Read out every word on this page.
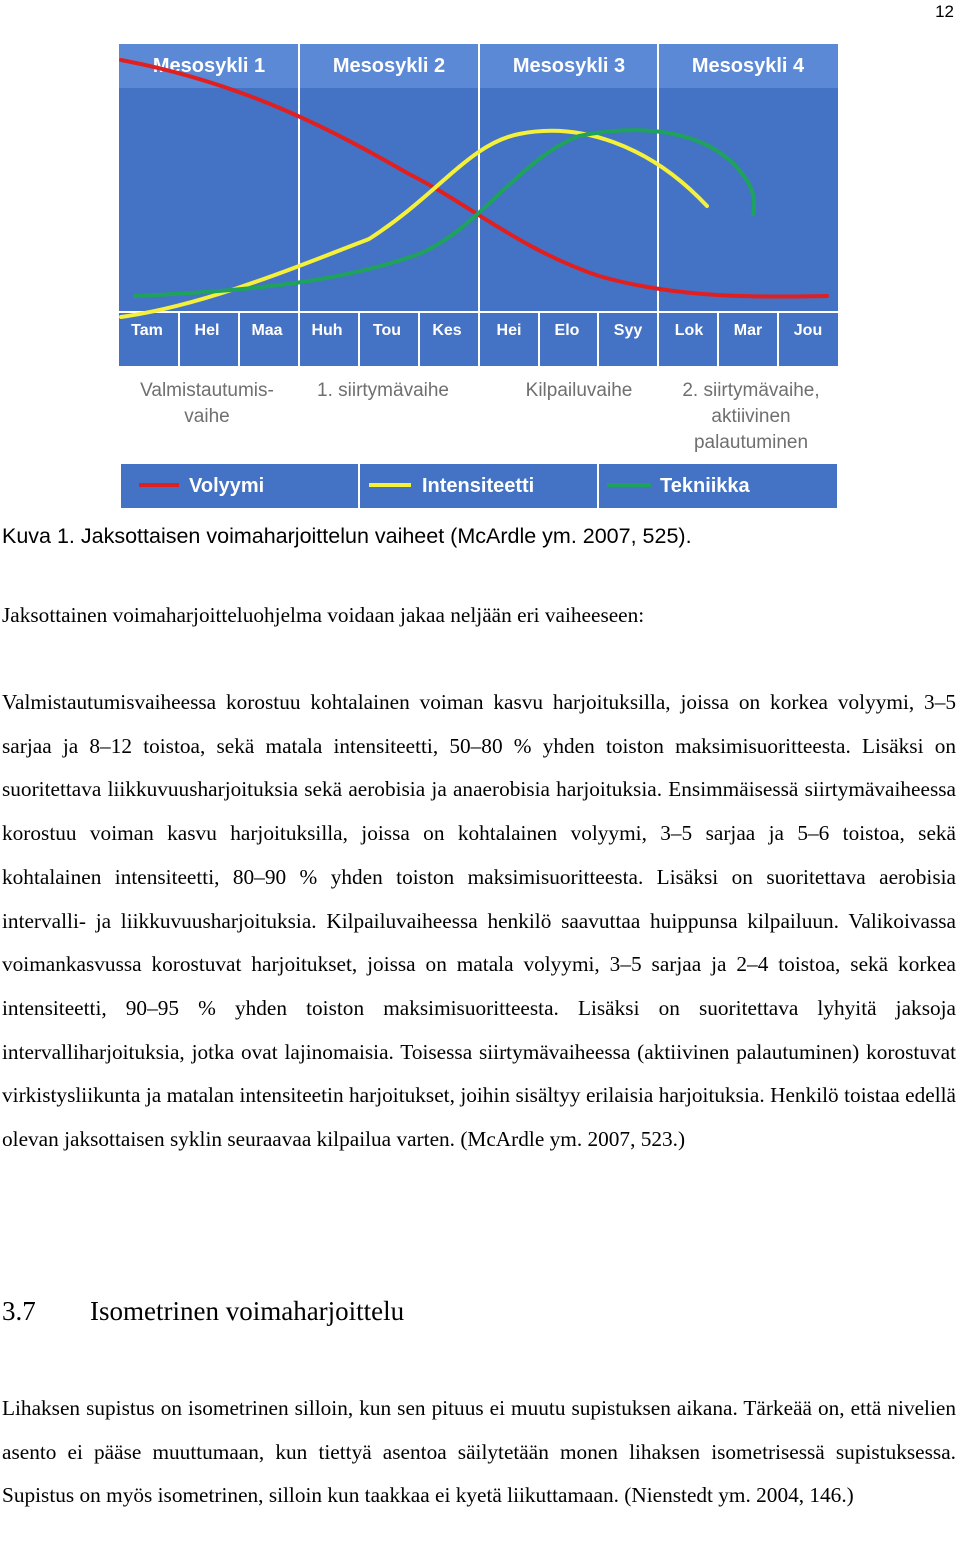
12
Mesosykli 1	Mesosykli 2	Mesosykli 3	Mesosykli 4
Tam Hel Maa Huh Tou Kes Hei Elo Syy Lok Mar Jou
Valmistautumis-
vaihe
1. siirtymävaihe	Kilpailuvaihe	2. siirtymävaihe,
aktiivinen
palautuminen
Volyymi	Intensiteetti	Tekniikka
Kuva 1. Jaksottaisen voimaharjoittelun vaiheet (McArdle ym. 2007, 525).

Jaksottainen voimaharjoitteluohjelma voidaan jakaa neljään eri vaiheeseen:

Valmistautumisvaiheessa korostuu kohtalainen voiman kasvu harjoituksilla, joissa on korkea volyymi, 3–5 sarjaa ja 8–12 toistoa, sekä matala intensiteetti, 50–80 % yhden toiston maksimisuoritteesta. Lisäksi on suoritettava liikkuvuusharjoituksia sekä aerobisia ja anaerobisia harjoituksia. Ensimmäisessä siirtymävaiheessa korostuu voiman kasvu harjoituksilla, joissa on kohtalainen volyymi, 3–5 sarjaa ja 5–6 toistoa, sekä kohtalainen intensiteetti, 80–90 % yhden toiston maksimisuoritteesta. Lisäksi on suoritettava aerobisia intervalli- ja liikkuvuusharjoituksia. Kilpailuvaiheessa henkilö saavuttaa huippunsa kilpailuun. Valikoivassa voimankasvussa korostuvat harjoitukset, joissa on matala volyymi, 3–5 sarjaa ja 2–4 toistoa, sekä korkea intensiteetti, 90–95 % yhden toiston maksimisuoritteesta. Lisäksi on suoritettava lyhyitä jaksoja intervalliharjoituksia, jotka ovat lajinomaisia. Toisessa siirtymävaiheessa (aktiivinen palautuminen) korostuvat virkistysliikunta ja matalan intensiteetin harjoitukset, joihin sisältyy erilaisia harjoituksia. Henkilö toistaa edellä olevan jaksottaisen syklin seuraavaa kilpailua varten. (McArdle ym. 2007, 523.)

3.7 Isometrinen voimaharjoittelu

Lihaksen supistus on isometrinen silloin, kun sen pituus ei muutu supistuksen aikana. Tärkeää on, että nivelien asento ei pääse muuttumaan, kun tiettyä asentoa säilytetään monen lihaksen isometrisessä supistuksessa. Supistus on myös isometrinen, silloin kun taakkaa ei kyetä liikuttamaan. (Nienstedt ym. 2004, 146.)
